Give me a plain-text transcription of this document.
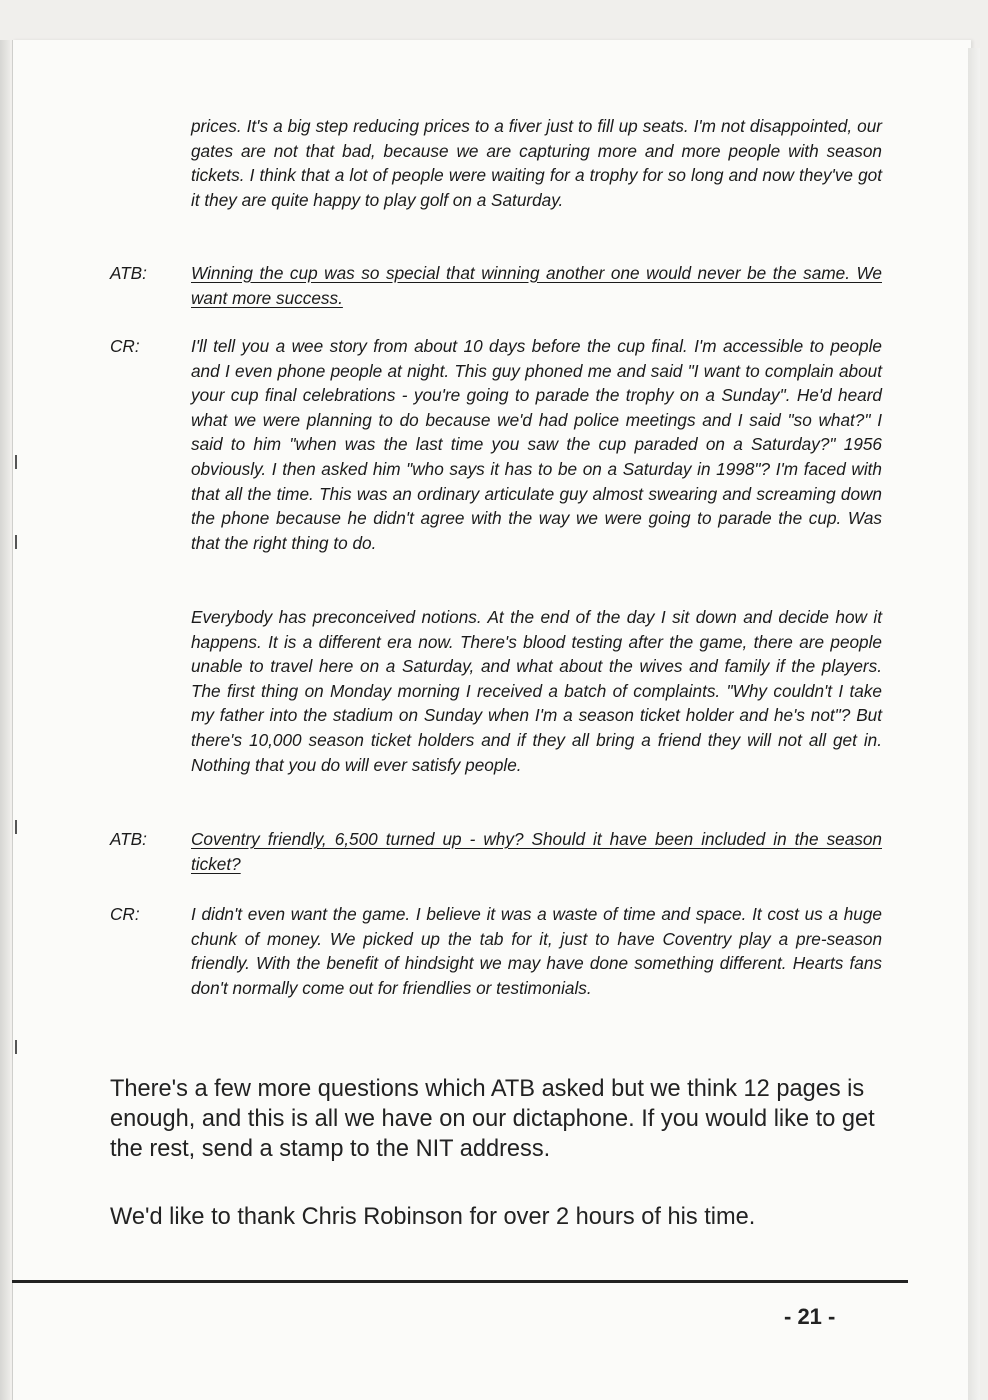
prices. It's a big step reducing prices to a fiver just to fill up seats. I'm not disappointed, our gates are not that bad, because we are capturing more and more people with season tickets. I think that a lot of people were waiting for a trophy for so long and now they've got it they are quite happy to play golf on a Saturday.
ATB:	Winning the cup was so special that winning another one would never be the same. We want more success.
CR:	I'll tell you a wee story from about 10 days before the cup final. I'm accessible to people and I even phone people at night. This guy phoned me and said "I want to complain about your cup final celebrations - you're going to parade the trophy on a Sunday". He'd heard what we were planning to do because we'd had police meetings and I said "so what?" I said to him "when was the last time you saw the cup paraded on a Saturday?" 1956 obviously. I then asked him "who says it has to be on a Saturday in 1998"? I'm faced with that all the time. This was an ordinary articulate guy almost swearing and screaming down the phone because he didn't agree with the way we were going to parade the cup. Was that the right thing to do.
Everybody has preconceived notions. At the end of the day I sit down and decide how it happens. It is a different era now. There's blood testing after the game, there are people unable to travel here on a Saturday, and what about the wives and family if the players. The first thing on Monday morning I received a batch of complaints. "Why couldn't I take my father into the stadium on Sunday when I'm a season ticket holder and he's not"? But there's 10,000 season ticket holders and if they all bring a friend they will not all get in. Nothing that you do will ever satisfy people.
ATB:	Coventry friendly, 6,500 turned up - why? Should it have been included in the season ticket?
CR:	I didn't even want the game. I believe it was a waste of time and space. It cost us a huge chunk of money. We picked up the tab for it, just to have Coventry play a pre-season friendly. With the benefit of hindsight we may have done something different. Hearts fans don't normally come out for friendlies or testimonials.
There's a few more questions which ATB asked but we think 12 pages is enough, and this is all we have on our dictaphone. If you would like to get the rest, send a stamp to the NIT address.
We'd like to thank Chris Robinson for over 2 hours of his time.
- 21 -
